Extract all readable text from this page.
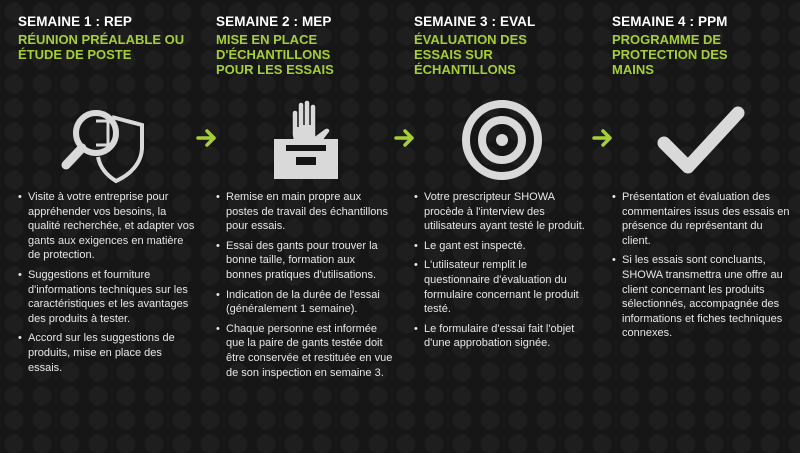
SEMAINE 1 : REP
RÉUNION PRÉALABLE OU ÉTUDE DE POSTE
• Visite à votre entreprise pour appréhender vos besoins, la qualité recherchée, et adapter vos gants aux exigences en matière de protection.
• Suggestions et fourniture d'informations techniques sur les caractéristiques et les avantages des produits à tester.
• Accord sur les suggestions de produits, mise en place des essais.
SEMAINE 2 : MEP
MISE EN PLACE D'ÉCHANTILLONS POUR LES ESSAIS
• Remise en main propre aux postes de travail des échantillons pour essais.
• Essai des gants pour trouver la bonne taille, formation aux bonnes pratiques d'utilisations.
• Indication de la durée de l'essai (généralement 1 semaine).
• Chaque personne est informée que la paire de gants testée doit être conservée et restituée en vue de son inspection en semaine 3.
SEMAINE 3 : EVAL
ÉVALUATION DES ESSAIS SUR ÉCHANTILLONS
• Votre prescripteur SHOWA procède à l'interview des utilisateurs ayant testé le produit.
• Le gant est inspecté.
• L'utilisateur remplit le questionnaire d'évaluation du formulaire concernant le produit testé.
• Le formulaire d'essai fait l'objet d'une approbation signée.
SEMAINE 4 : PPM
PROGRAMME DE PROTECTION DES MAINS
• Présentation et évaluation des commentaires issus des essais en présence du représentant du client.
• Si les essais sont concluants, SHOWA transmettra une offre au client concernant les produits sélectionnés, accompagnée des informations et fiches techniques connexes.
